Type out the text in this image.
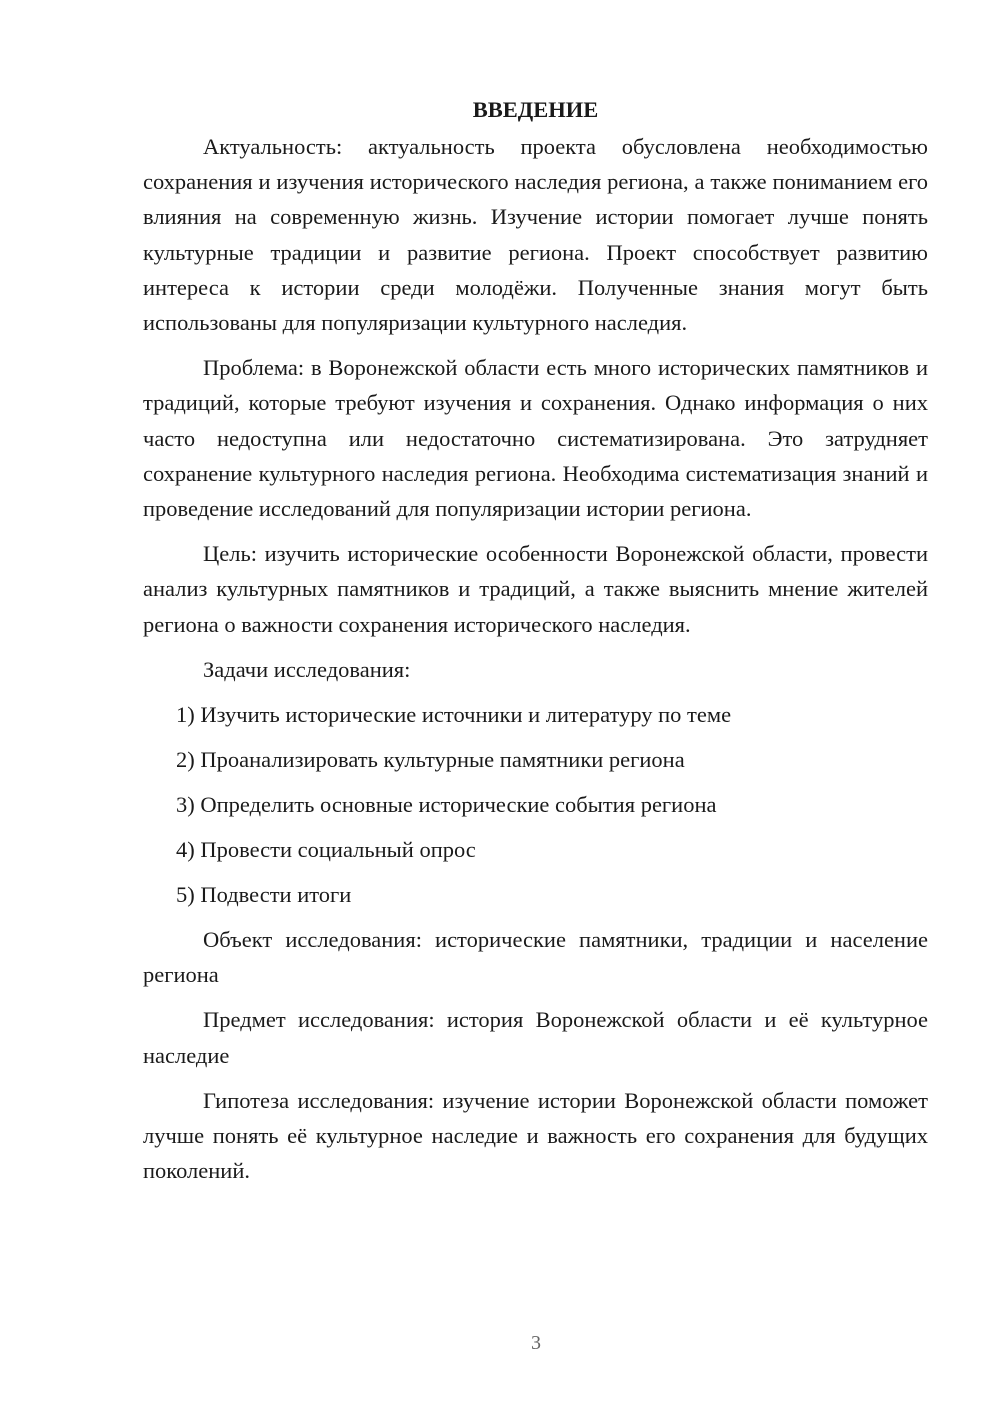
ВВЕДЕНИЕ

Актуальность: актуальность проекта обусловлена необходимостью сохранения и изучения исторического наследия региона, а также пониманием его влияния на современную жизнь. Изучение истории помогает лучше понять культурные традиции и развитие региона. Проект способствует развитию интереса к истории среди молодёжи. Полученные знания могут быть использованы для популяризации культурного наследия.

Проблема: в Воронежской области есть много исторических памятников и традиций, которые требуют изучения и сохранения. Однако информация о них часто недоступна или недостаточно систематизирована. Это затрудняет сохранение культурного наследия региона. Необходима систематизация знаний и проведение исследований для популяризации истории региона.

Цель: изучить исторические особенности Воронежской области, провести анализ культурных памятников и традиций, а также выяснить мнение жителей региона о важности сохранения исторического наследия.

Задачи исследования:

1) Изучить исторические источники и литературу по теме
2) Проанализировать культурные памятники региона
3) Определить основные исторические события региона
4) Провести социальный опрос
5) Подвести итоги

Объект исследования: исторические памятники, традиции и население региона

Предмет исследования: история Воронежской области и её культурное наследие

Гипотеза исследования: изучение истории Воронежской области поможет лучше понять её культурное наследие и важность его сохранения для будущих поколений.

3
